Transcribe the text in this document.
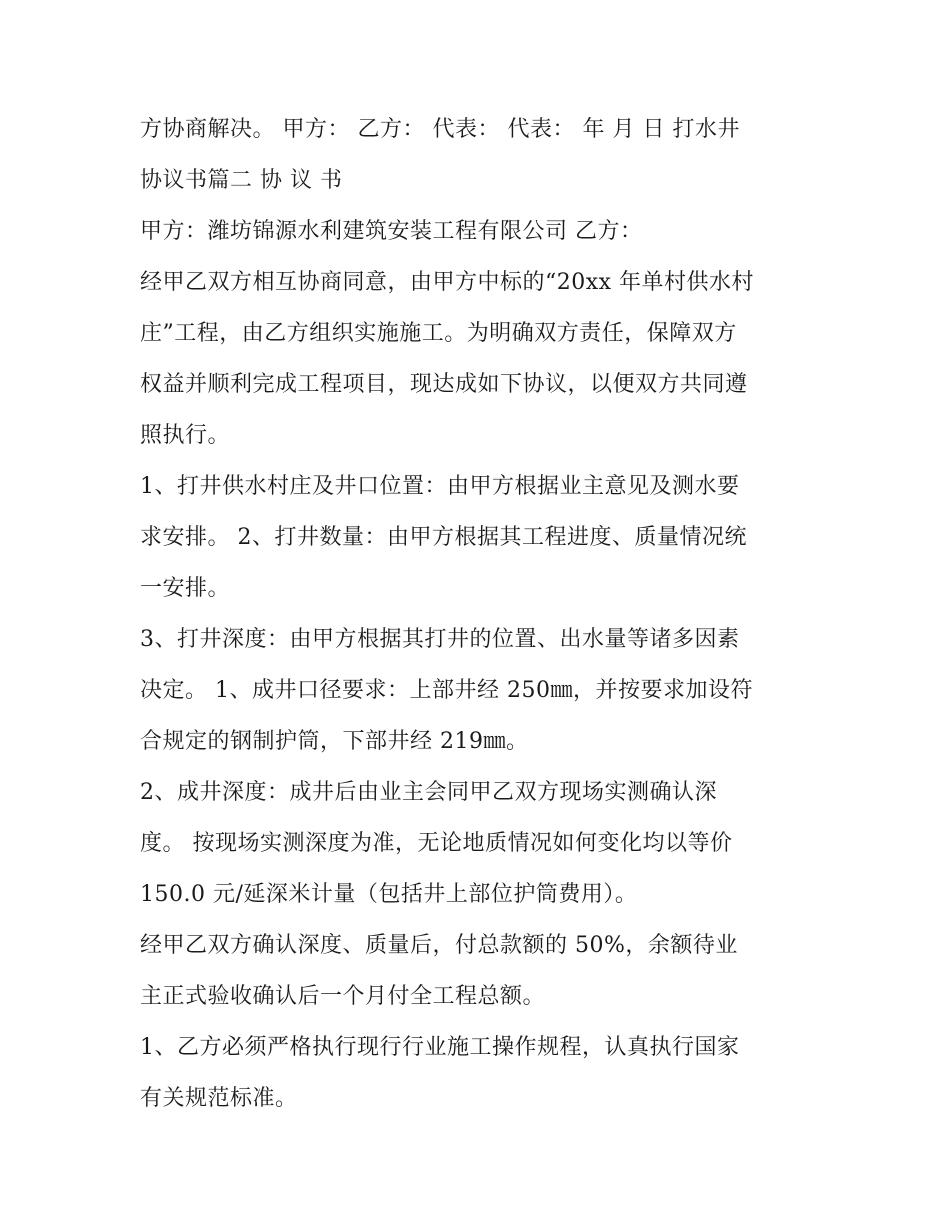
方协商解决。 甲方： 乙方： 代表： 代表： 年 月 日 打水井
协议书篇二 协 议 书
甲方：潍坊锦源水利建筑安装工程有限公司 乙方：
经甲乙双方相互协商同意，由甲方中标的“20xx 年单村供水村
庄”工程，由乙方组织实施施工。为明确双方责任，保障双方
权益并顺利完成工程项目，现达成如下协议，以便双方共同遵
照执行。
1、打井供水村庄及井口位置：由甲方根据业主意见及测水要
求安排。 2、打井数量：由甲方根据其工程进度、质量情况统
一安排。
3、打井深度：由甲方根据其打井的位置、出水量等诸多因素
决定。 1、成井口径要求：上部井经 250㎜，并按要求加设符
合规定的钢制护筒，下部井经 219㎜。
2、成井深度：成井后由业主会同甲乙双方现场实测确认深
度。 按现场实测深度为准，无论地质情况如何变化均以等价
150.0 元/延深米计量（包括井上部位护筒费用）。
经甲乙双方确认深度、质量后，付总款额的 50%，余额待业
主正式验收确认后一个月付全工程总额。
1、乙方必须严格执行现行行业施工操作规程，认真执行国家
有关规范标准。
